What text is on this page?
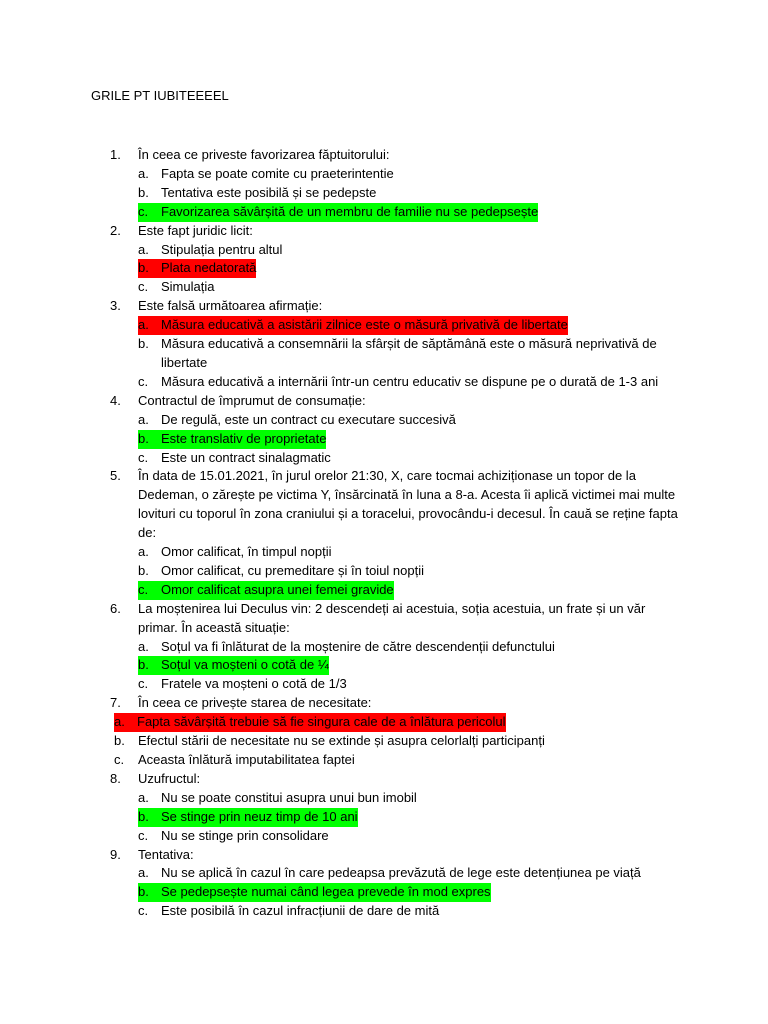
GRILE PT IUBITEEEEL
1.	În ceea ce priveste favorizarea făptuitorului:
a. Fapta se poate comite cu praeterintentie
b. Tentativa este posibilă și se pedepste
c. Favorizarea săvârșită de un membru de familie nu se pedepsește
2.	Este fapt juridic licit:
a. Stipulația pentru altul
b. Plata nedatorată
c. Simulația
3.	Este falsă următoarea afirmație:
a. Măsura educativă a asistării zilnice este o măsură privativă de libertate
b. Măsura educativă a consemnării la sfârșit de săptămână este o măsură neprivativă de libertate
c. Măsura educativă a internării într-un centru educativ se dispune pe o durată de 1-3 ani
4.	Contractul de împrumut de consumație:
a. De regulă, este un contract cu executare succesivă
b. Este translativ de proprietate
c. Este un contract sinalagmatic
5.	În data de 15.01.2021, în jurul orelor 21:30, X, care tocmai achiziționase un topor de la Dedeman, o zărește pe victima Y, însărcinată în luna a 8-a. Acesta îi aplică victimei mai multe lovituri cu toporul în zona craniului și a toracelui, provocându-i decesul. În cauă se reține fapta de:
a. Omor calificat, în timpul nopții
b. Omor calificat, cu premeditare și în toiul nopții
c. Omor calificat asupra unei femei gravide
6.	La moștenirea lui Deculus vin: 2 descendeți ai acestuia, soția acestuia, un frate și un văr primar. În această situație:
a. Soțul va fi înlăturat de la moștenire de către descendenții defunctului
b. Soțul va moșteni o cotă de ¼
c. Fratele va moșteni o cotă de 1/3
7.	În ceea ce privește starea de necesitate:
a. Fapta săvârșită trebuie să fie singura cale de a înlătura pericolul
b.	Efectul stării de necesitate nu se extinde și asupra celorlalți participanți
c.	Aceasta înlătură imputabilitatea faptei
8.	Uzufructul:
a. Nu se poate constitui asupra unui bun imobil
b. Se stinge prin neuz timp de 10 ani
c. Nu se stinge prin consolidare
9.	Tentativa:
a. Nu se aplică în cazul în care pedeapsa prevăzută de lege este detențiunea pe viață
b. Se pedepsește numai când legea prevede în mod expres
c. Este posibilă în cazul infracțiunii de dare de mită
